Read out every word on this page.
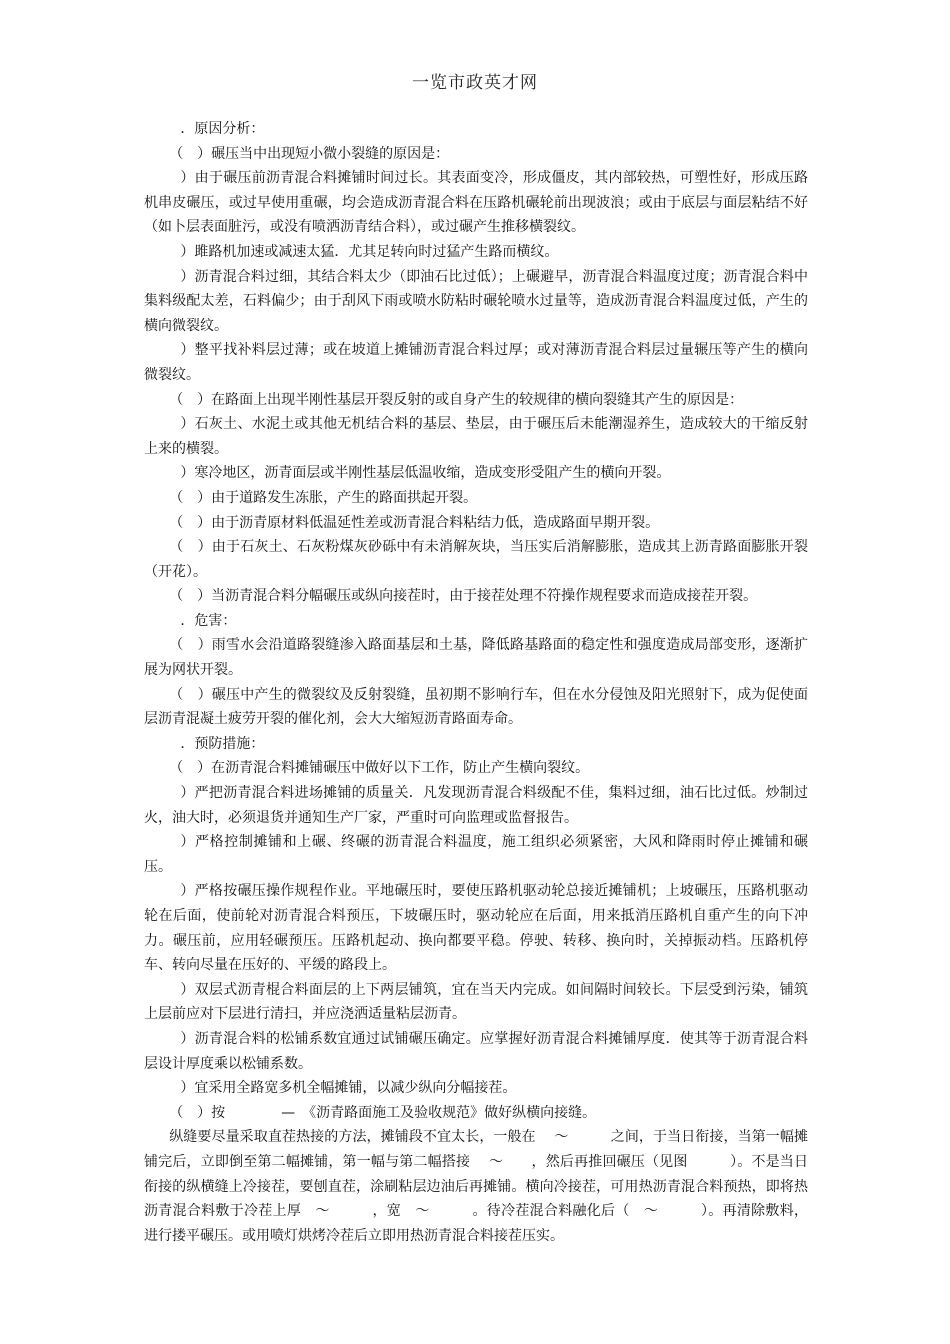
一览市政英才网

．原因分析：

（　）碾压当中出现短小微小裂缝的原因是：

）由于碾压前沥青混合料摊铺时间过长。其表面变冷，形成僵皮，其内部较热，可塑性好，形成压路机串皮碾压，或过早使用重碾，均会造成沥青混合料在压路机碾轮前出现波浪；或由于底层与面层粘结不好（如卜层表面脏污，或没有喷洒沥青结合料），或过碾产生推移横裂纹。

）雎路机加速或减速太猛．尤其足转向时过猛产生路而横纹。

）沥青混合料过细，其结合料太少（即油石比过低）；上碾避早，沥青混合料温度过度；沥青混合料中集料级配太差，石料偏少；由于刮风下雨或喷水防粘时碾轮喷水过量等，造成沥青混合料温度过低，产生的横向微裂纹。

）整平找补料层过薄；或在坡道上摊铺沥青混合料过厚；或对薄沥青混合料层过量辗压等产生的横向微裂纹。

（　）在路面上出现半刚性基层开裂反射的或自身产生的较规律的横向裂缝其产生的原因是：

）石灰土、水泥土或其他无机结合料的基层、垫层，由于碾压后未能潮湿养生，造成较大的干缩反射上来的横裂。

）寒冷地区，沥青面层或半刚性基层低温收缩，造成变形受阻产生的横向开裂。

（　）由于道路发生冻胀，产生的路面拱起开裂。

（　）由于沥青原材料低温延性差或沥青混合料粘结力低，造成路面早期开裂。

（　）由于石灰土、石灰粉煤灰砂砾中有未消解灰块，当压实后消解膨胀，造成其上沥青路面膨胀开裂（开花）。

（　）当沥青混合料分幅碾压或纵向接茬时，由于接茬处理不符操作规程要求而造成接茬开裂。

．危害：

（　）雨雪水会沿道路裂缝渗入路面基层和土基，降低路基路面的稳定性和强度造成局部变形，逐渐扩展为网状开裂。

（　）碾压中产生的微裂纹及反射裂缝，虽初期不影响行车，但在水分侵蚀及阳光照射下，成为促使面层沥青混凝土疲劳开裂的催化剂，会大大缩短沥青路面寿命。

．预防措施：

（　）在沥青混合料摊铺碾压中做好以下工作，防止产生横向裂纹。

）严把沥青混合料进场摊铺的质量关．凡发现沥青混合料级配不佳，集料过细，油石比过低。炒制过火，油大时，必须退货并通知生产厂家，严重时可向监理或监督报告。

）严格控制摊铺和上碾、终碾的沥青混合料温度，施工组织必须紧密，大风和降雨时停止摊铺和碾压。

）严格按碾压操作规程作业。平地碾压时，要使压路机驱动轮总接近摊铺机；上坡碾压，压路机驱动轮在后面，使前轮对沥青混合料预压，下坡碾压时，驱动轮应在后面，用来抵消压路机自重产生的向下冲力。碾压前，应用轻碾预压。压路机起动、换向都要平稳。停驶、转移、换向时，关掉振动档。压路机停车、转向尽量在压好的、平缓的路段上。

）双层式沥青棍合料面层的上下两层铺筑，宜在当天内完成。如间隔时间较长。下层受到污染，铺筑上层前应对下层进行清扫，并应浇洒适量粘层沥青。

）沥青混合料的松铺系数宜通过试铺碾压确定。应掌握好沥青混合料摊铺厚度．使其等于沥青混合料层设计厚度乘以松铺系数。

）宜采用全路宽多机全幅摊铺，以减少纵向分幅接茬。

（　）按　　　　—　《沥青路面施工及验收规范》做好纵横向接缝。

纵缝要尽量采取直茬热接的方法，摊铺段不宜太长，一般在　 ～　　　之间，于当日衔接，当第一幅摊铺完后，立即倒至第二幅摊铺，第一幅与第二幅搭接　 ～　　，然后再推回碾压（见图　　　）。不是当日衔接的纵横缝上冷接茬，要刨直茬，涂刷粘层边油后再摊铺。横向冷接茬，可用热沥青混合料预热，即将热沥青混合料敷于冷茬上厚　～　　　，宽　～　　　。待冷茬混合料融化后（　～　　　）。再清除敷料，进行搂平碾压。或用喷灯烘烤冷茬后立即用热沥青混合料接茬压实。
